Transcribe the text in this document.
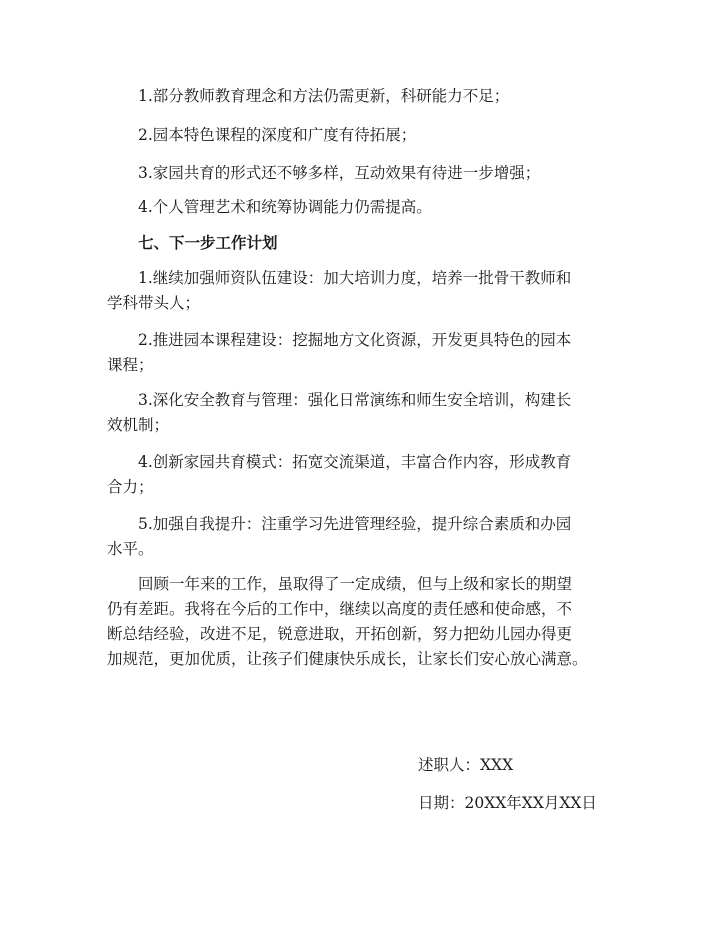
1.部分教师教育理念和方法仍需更新，科研能力不足；
2.园本特色课程的深度和广度有待拓展；
3.家园共育的形式还不够多样，互动效果有待进一步增强；
4.个人管理艺术和统筹协调能力仍需提高。
七、下一步工作计划
1.继续加强师资队伍建设：加大培训力度，培养一批骨干教师和
学科带头人；
2.推进园本课程建设：挖掘地方文化资源，开发更具特色的园本
课程；
3.深化安全教育与管理：强化日常演练和师生安全培训，构建长
效机制；
4.创新家园共育模式：拓宽交流渠道，丰富合作内容，形成教育
合力；
5.加强自我提升：注重学习先进管理经验，提升综合素质和办园
水平。
回顾一年来的工作，虽取得了一定成绩，但与上级和家长的期望
仍有差距。我将在今后的工作中，继续以高度的责任感和使命感，不
断总结经验，改进不足，锐意进取，开拓创新，努力把幼儿园办得更
加规范，更加优质，让孩子们健康快乐成长，让家长们安心放心满意。
述职人：XXX
日期：20XX年XX月XX日
